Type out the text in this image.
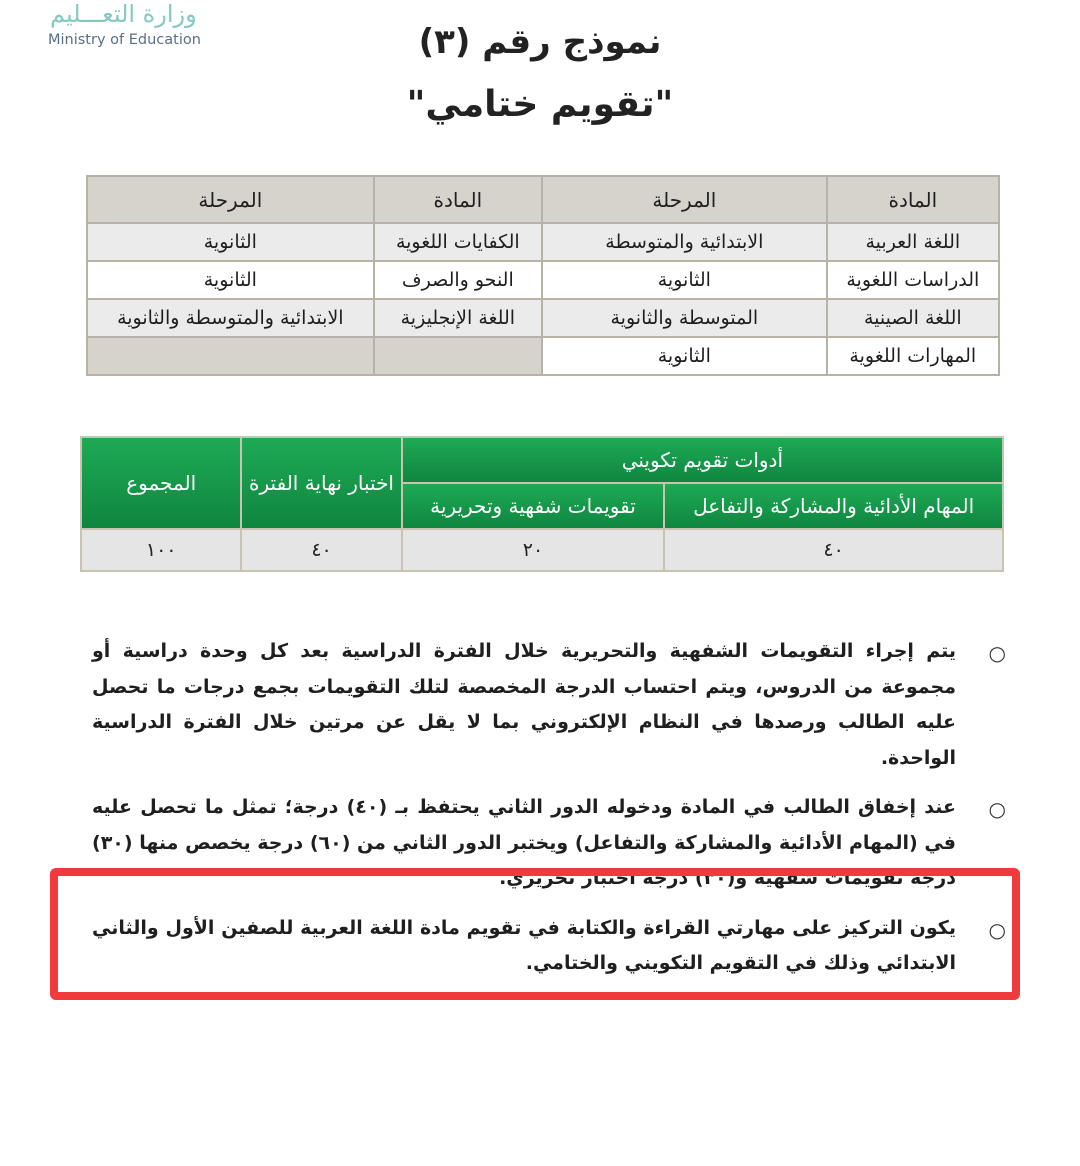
وزارة التعـــليم
Ministry of Education	نموذج رقم (٣)
"تقويم ختامي"
المادة	المرحلة	المادة	المرحلة
اللغة العربية	الابتدائية والمتوسطة	الكفايات اللغوية	الثانوية
الدراسات اللغوية	الثانوية	النحو والصرف	الثانوية
اللغة الصينية	المتوسطة والثانوية	اللغة الإنجليزية	الابتدائية والمتوسطة والثانوية
المهارات اللغوية	الثانوية		
أدوات تقويم تكويني		اختبار نهاية الفترة	المجموع
المهام الأدائية والمشاركة والتفاعل	تقويمات شفهية وتحريرية		
٤٠	٢٠	٤٠	١٠٠
○
يتم إجراء التقويمات الشفهية والتحريرية خلال الفترة الدراسية بعد كل وحدة دراسية أو مجموعة من الدروس، ويتم احتساب الدرجة المخصصة لتلك التقويمات بجمع درجات ما تحصل عليه الطالب ورصدها في النظام الإلكتروني بما لا يقل عن مرتين خلال الفترة الدراسية الواحدة.
○
عند إخفاق الطالب في المادة ودخوله الدور الثاني يحتفظ بـ (٤٠) درجة؛ تمثل ما تحصل عليه في (المهام الأدائية والمشاركة والتفاعل) ويختبر الدور الثاني من (٦٠) درجة يخصص منها (٣٠) درجة تقويمات شفهية و(٣٠) درجة اختبار تحريري.
○
يكون التركيز على مهارتي القراءة والكتابة في تقويم مادة اللغة العربية للصفين الأول والثاني الابتدائي وذلك في التقويم التكويني والختامي.
